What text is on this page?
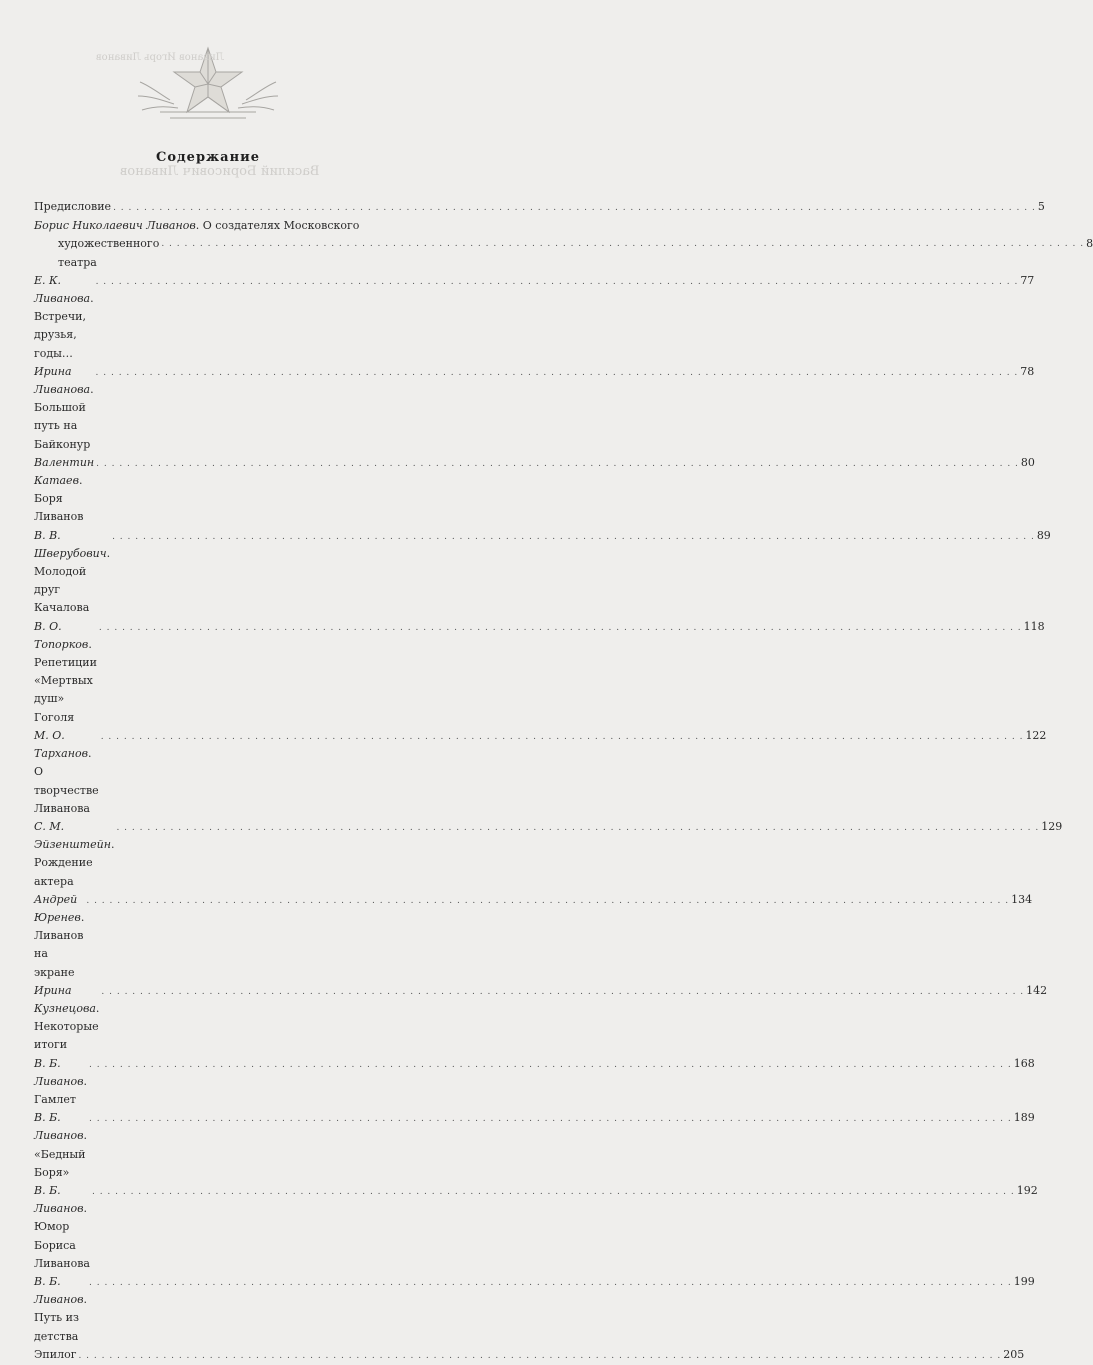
Ливанов Игорь Ливанов
Василий Борисович Ливанов
Содержание
Предисловие . . . . . . . . . . . . . . . . . . . . . . . . . . . . . . . . . . . . . . . . . . . . . . . . . . . . . . . . . . . . . . . . . . . . . . . . . . . . . . . . . . . . . . . . . . . . . . . . . . . . . . . . . . . . . . . . . . . . . . . . 5
Борис Николаевич Ливанов. О создателях Московского
художественного театра
. . . . . . . . . . . . . . . . . . . . . . . . . . . . . . . . . . . . . . . . . . . . . . . . . . . . . . . . . . . . . . . . . . . . . . . . . . . . . . . . . . . . . . . . . . . . . . . . . . . . . . . . . . . . . . . . . . . . . . . . 8
Е. К. Ливанова. Встречи, друзья, годы…
. . . . . . . . . . . . . . . . . . . . . . . . . . . . . . . . . . . . . . . . . . . . . . . . . . . . . . . . . . . . . . . . . . . . . . . . . . . . . . . . . . . . . . . . . . . . . . . . . . . . . . . . . . . . . . . . . . . . . . . . 77
Ирина Ливанова. Большой путь на Байконур
. . . . . . . . . . . . . . . . . . . . . . . . . . . . . . . . . . . . . . . . . . . . . . . . . . . . . . . . . . . . . . . . . . . . . . . . . . . . . . . . . . . . . . . . . . . . . . . . . . . . . . . . . . . . . . . . . . . . . . . . 78
Валентин Катаев. Боря Ливанов
. . . . . . . . . . . . . . . . . . . . . . . . . . . . . . . . . . . . . . . . . . . . . . . . . . . . . . . . . . . . . . . . . . . . . . . . . . . . . . . . . . . . . . . . . . . . . . . . . . . . . . . . . . . . . . . . . . . . . . . . 80
В. В. Шверубович. Молодой друг Качалова
. . . . . . . . . . . . . . . . . . . . . . . . . . . . . . . . . . . . . . . . . . . . . . . . . . . . . . . . . . . . . . . . . . . . . . . . . . . . . . . . . . . . . . . . . . . . . . . . . . . . . . . . . . . . . . . . . . . . . . . . 89
В. О. Топорков. Репетиции «Мертвых душ» Гоголя
. . . . . . . . . . . . . . . . . . . . . . . . . . . . . . . . . . . . . . . . . . . . . . . . . . . . . . . . . . . . . . . . . . . . . . . . . . . . . . . . . . . . . . . . . . . . . . . . . . . . . . . . . . . . . . . . . . . . . . . . 118
М. О. Тарханов. О творчестве Ливанова
. . . . . . . . . . . . . . . . . . . . . . . . . . . . . . . . . . . . . . . . . . . . . . . . . . . . . . . . . . . . . . . . . . . . . . . . . . . . . . . . . . . . . . . . . . . . . . . . . . . . . . . . . . . . . . . . . . . . . . . . 122
С. М. Эйзенштейн. Рождение актера
. . . . . . . . . . . . . . . . . . . . . . . . . . . . . . . . . . . . . . . . . . . . . . . . . . . . . . . . . . . . . . . . . . . . . . . . . . . . . . . . . . . . . . . . . . . . . . . . . . . . . . . . . . . . . . . . . . . . . . . . 129
Андрей Юренев. Ливанов на экране
. . . . . . . . . . . . . . . . . . . . . . . . . . . . . . . . . . . . . . . . . . . . . . . . . . . . . . . . . . . . . . . . . . . . . . . . . . . . . . . . . . . . . . . . . . . . . . . . . . . . . . . . . . . . . . . . . . . . . . . . 134
Ирина Кузнецова. Некоторые итоги
. . . . . . . . . . . . . . . . . . . . . . . . . . . . . . . . . . . . . . . . . . . . . . . . . . . . . . . . . . . . . . . . . . . . . . . . . . . . . . . . . . . . . . . . . . . . . . . . . . . . . . . . . . . . . . . . . . . . . . . . 142
В. Б. Ливанов. Гамлет
. . . . . . . . . . . . . . . . . . . . . . . . . . . . . . . . . . . . . . . . . . . . . . . . . . . . . . . . . . . . . . . . . . . . . . . . . . . . . . . . . . . . . . . . . . . . . . . . . . . . . . . . . . . . . . . . . . . . . . . . 168
В. Б. Ливанов. «Бедный Боря»
. . . . . . . . . . . . . . . . . . . . . . . . . . . . . . . . . . . . . . . . . . . . . . . . . . . . . . . . . . . . . . . . . . . . . . . . . . . . . . . . . . . . . . . . . . . . . . . . . . . . . . . . . . . . . . . . . . . . . . . . 189
В. Б. Ливанов. Юмор Бориса Ливанова
. . . . . . . . . . . . . . . . . . . . . . . . . . . . . . . . . . . . . . . . . . . . . . . . . . . . . . . . . . . . . . . . . . . . . . . . . . . . . . . . . . . . . . . . . . . . . . . . . . . . . . . . . . . . . . . . . . . . . . . . 192
В. Б. Ливанов. Путь из детства
. . . . . . . . . . . . . . . . . . . . . . . . . . . . . . . . . . . . . . . . . . . . . . . . . . . . . . . . . . . . . . . . . . . . . . . . . . . . . . . . . . . . . . . . . . . . . . . . . . . . . . . . . . . . . . . . . . . . . . . . 199
Эпилог . . . . . . . . . . . . . . . . . . . . . . . . . . . . . . . . . . . . . . . . . . . . . . . . . . . . . . . . . . . . . . . . . . . . . . . . . . . . . . . . . . . . . . . . . . . . . . . . . . . . . . . . . . . . . . . . . . . . . . . . 205
